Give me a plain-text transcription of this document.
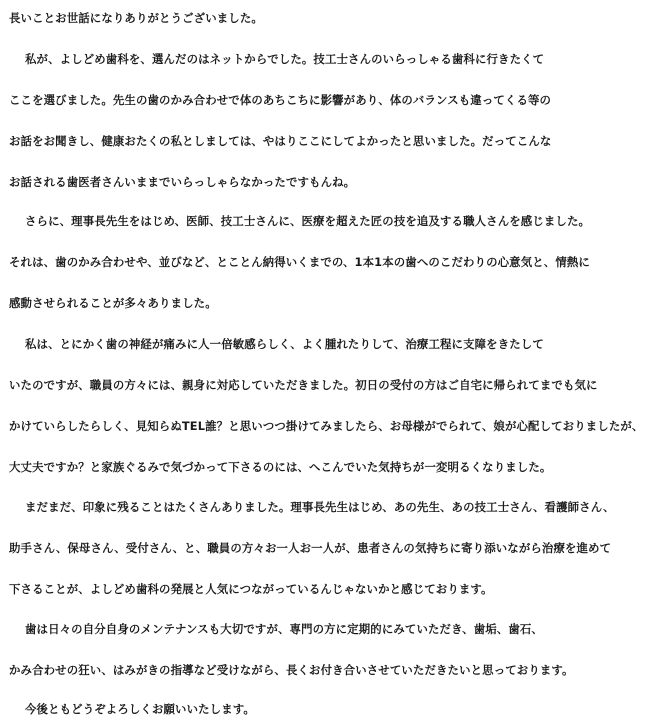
長いことお世話になりありがとうございました。
私が、よしどめ歯科を、選んだのはネットからでした。技工士さんのいらっしゃる歯科に行きたくて
ここを選びました。先生の歯のかみ合わせで体のあちこちに影響があり、体のバランスも違ってくる等の
お話をお聞きし、健康おたくの私としましては、やはりここにしてよかったと思いました。だってこんな
お話される歯医者さんいままでいらっしゃらなかったですもんね。
さらに、理事長先生をはじめ、医師、技工士さんに、医療を超えた匠の技を追及する職人さんを感じました。
それは、歯のかみ合わせや、並びなど、とことん納得いくまでの、1本1本の歯へのこだわりの心意気と、情熱に
感動させられることが多々ありました。
私は、とにかく歯の神経が痛みに人一倍敏感らしく、よく腫れたりして、治療工程に支障をきたして
いたのですが、職員の方々には、親身に対応していただきました。初日の受付の方はご自宅に帰られてまでも気に
かけていらしたらしく、見知らぬTEL誰？と思いつつ掛けてみましたら、お母様がでられて、娘が心配しておりましたが、
大丈夫ですか？と家族ぐるみで気づかって下さるのには、へこんでいた気持ちが一変明るくなりました。
まだまだ、印象に残ることはたくさんありました。理事長先生はじめ、あの先生、あの技工士さん、看護師さん、
助手さん、保母さん、受付さん、と、職員の方々お一人お一人が、患者さんの気持ちに寄り添いながら治療を進めて
下さることが、よしどめ歯科の発展と人気につながっているんじゃないかと感じております。
歯は日々の自分自身のメンテナンスも大切ですが、専門の方に定期的にみていただき、歯垢、歯石、
かみ合わせの狂い、はみがきの指導など受けながら、長くお付き合いさせていただきたいと思っております。
今後ともどうぞよろしくお願いいたします。
